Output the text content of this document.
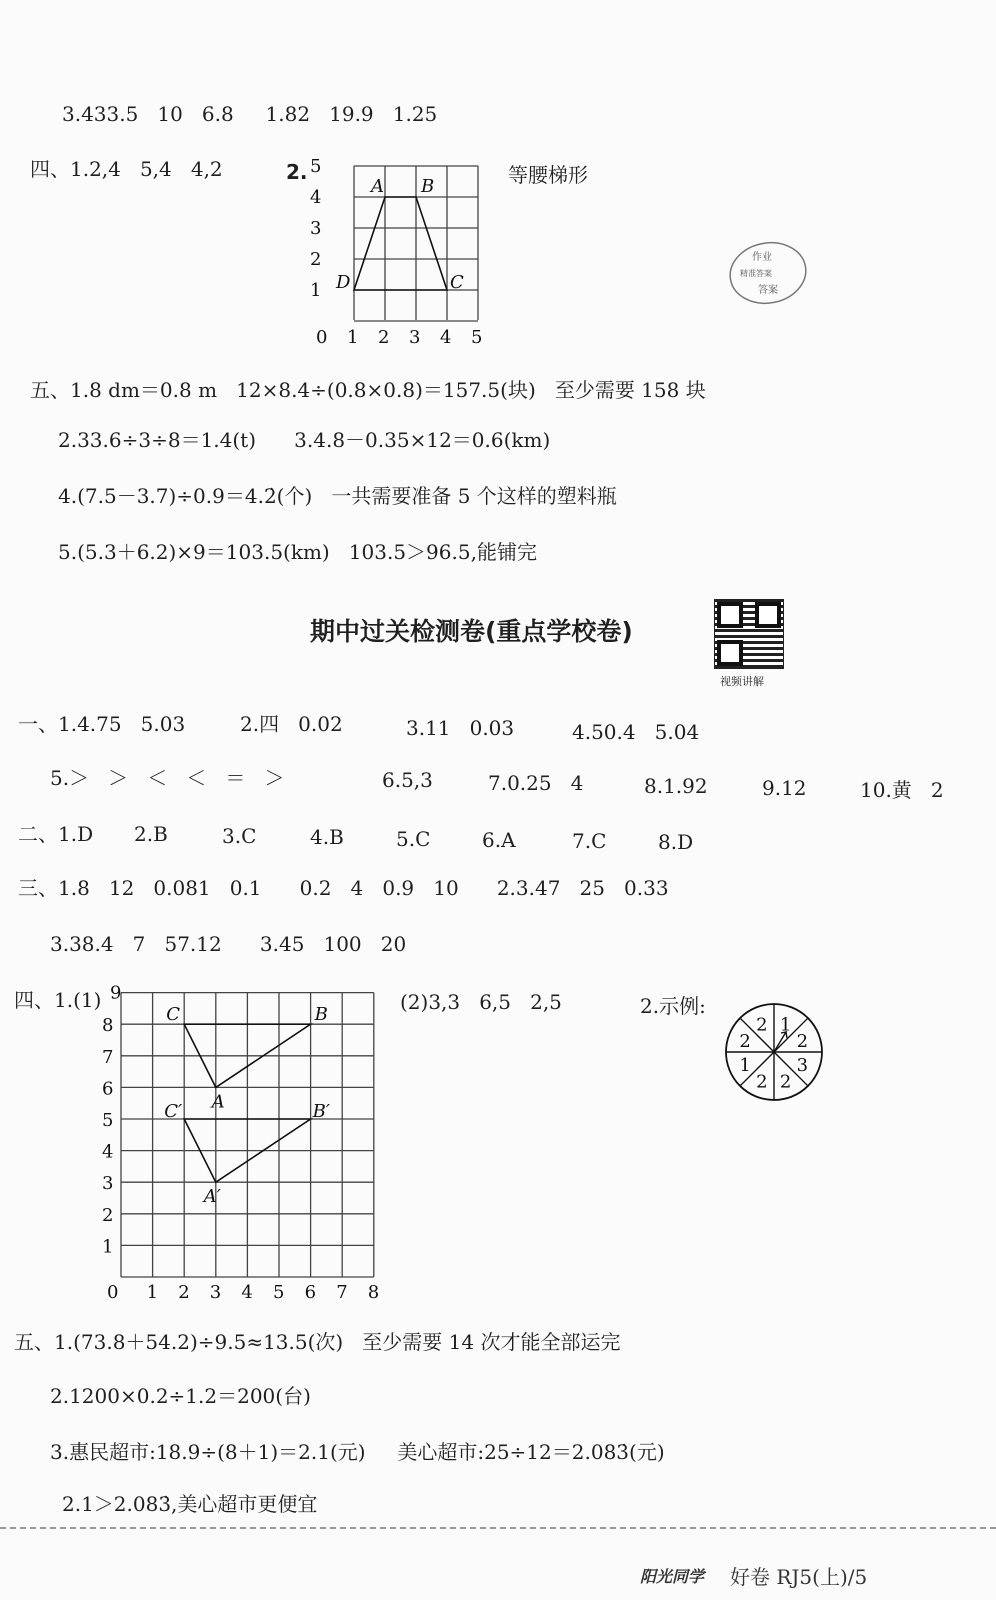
3.433.5   10   6.8     1.82   19.9   1.25
四、1.2,4   5,4   4,2	2.	等腰梯形
5
4
3
2
1
0 1 2 3 4 5
A B
C
D
作业
精准答案
答案
五、1.8 dm＝0.8 m   12×8.4÷(0.8×0.8)＝157.5(块)   至少需要 158 块
2.33.6÷3÷8＝1.4(t)      3.4.8－0.35×12＝0.6(km)
4.(7.5－3.7)÷0.9＝4.2̇(个)   一共需要准备 5 个这样的塑料瓶
5.(5.3＋6.2)×9＝103.5(km)   103.5＞96.5,能铺完
期中过关检测卷(重点学校卷)
视频讲解
一、1.4.75   5.03	2.四   0.02	3.11   0.03	4.50.4   5.04
5.＞   ＞   ＜   ＜   ＝   ＞	6.5,3	7.0.25   4	8.1.92	9.12	10.黄   2
二、1.D 2.B	3.C	4.B	5.C	6.A	7.C	8.D
三、1.8   12   0.081   0.1      0.2   4   0.9   10      2.3.47   25   0.33
3.38.4   7   57.12      3.45   100   20
四、1.(1) 9
8
7
6
5
4
3
2
1
0 1 2 3 4 5 6 7 8
C	B
A
C′	B′
A′
(2)3,3   6,5   2,5	2.示例:
1
2
3
2
2
1
2
2
五、1.(73.8＋54.2)÷9.5≈13.5(次)   至少需要 14 次才能全部运完
2.1200×0.2÷1.2＝200(台)
3.惠民超市:18.9÷(8＋1)＝2.1(元)     美心超市:25÷12＝2.083̇(元)
2.1＞2.083̇,美心超市更便宜
阳光同学 好卷 RJ5(上)/5
